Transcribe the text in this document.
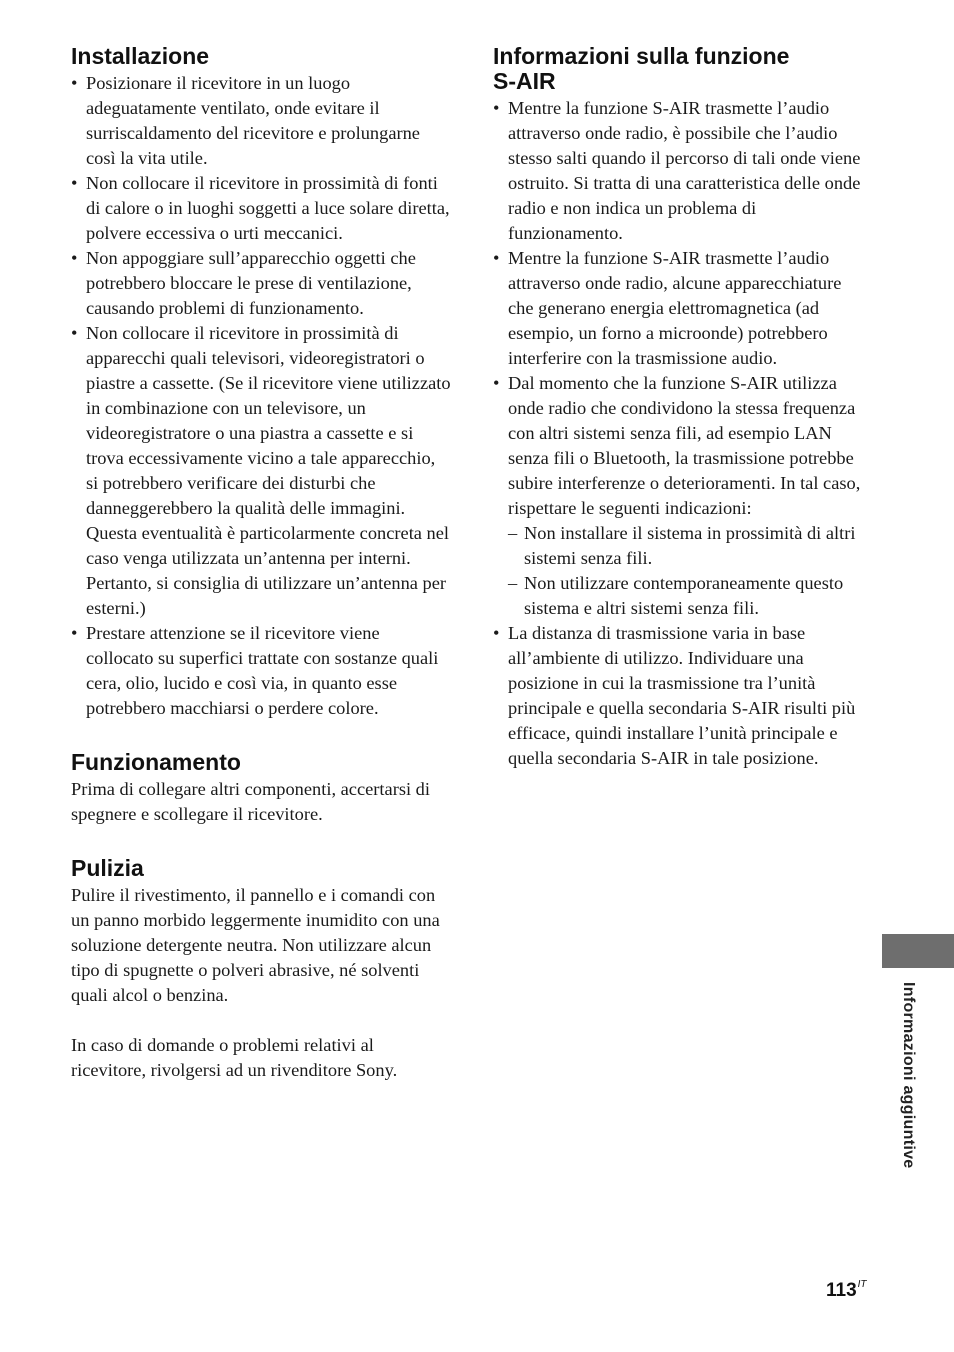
Installazione
• Posizionare il ricevitore in un luogo adeguatamente ventilato, onde evitare il surriscaldamento del ricevitore e prolungarne così la vita utile.
• Non collocare il ricevitore in prossimità di fonti di calore o in luoghi soggetti a luce solare diretta, polvere eccessiva o urti meccanici.
• Non appoggiare sull’apparecchio oggetti che potrebbero bloccare le prese di ventilazione, causando problemi di funzionamento.
• Non collocare il ricevitore in prossimità di apparecchi quali televisori, videoregistratori o piastre a cassette. (Se il ricevitore viene utilizzato in combinazione con un televisore, un videoregistratore o una piastra a cassette e si trova eccessivamente vicino a tale apparecchio, si potrebbero verificare dei disturbi che danneggerebbero la qualità delle immagini. Questa eventualità è particolarmente concreta nel caso venga utilizzata un’antenna per interni. Pertanto, si consiglia di utilizzare un’antenna per esterni.)
• Prestare attenzione se il ricevitore viene collocato su superfici trattate con sostanze quali cera, olio, lucido e così via, in quanto esse potrebbero macchiarsi o perdere colore.
Funzionamento

Prima di collegare altri componenti, accertarsi di spegnere e scollegare il ricevitore.

Pulizia

Pulire il rivestimento, il pannello e i comandi con un panno morbido leggermente inumidito con una soluzione detergente neutra. Non utilizzare alcun tipo di spugnette o polveri abrasive, né solventi quali alcol o benzina.

In caso di domande o problemi relativi al ricevitore, rivolgersi ad un rivenditore Sony.

Informazioni sulla funzione
S-AIR
• Mentre la funzione S-AIR trasmette l’audio attraverso onde radio, è possibile che l’audio stesso salti quando il percorso di tali onde viene ostruito. Si tratta di una caratteristica delle onde radio e non indica un problema di funzionamento.
• Mentre la funzione S-AIR trasmette l’audio attraverso onde radio, alcune apparecchiature che generano energia elettromagnetica (ad esempio, un forno a microonde) potrebbero interferire con la trasmissione audio.
• Dal momento che la funzione S-AIR utilizza onde radio che condividono la stessa frequenza con altri sistemi senza fili, ad esempio LAN senza fili o Bluetooth, la trasmissione potrebbe subire interferenze o deterioramenti. In tal caso, rispettare le seguenti indicazioni:
– Non installare il sistema in prossimità di altri sistemi senza fili.
– Non utilizzare contemporaneamente questo sistema e altri sistemi senza fili.
• La distanza di trasmissione varia in base all’ambiente di utilizzo. Individuare una posizione in cui la trasmissione tra l’unità principale e quella secondaria S-AIR risulti più efficace, quindi installare l’unità principale e quella secondaria S-AIR in tale posizione.
Informazioni aggiuntive
$113^{IT}$
